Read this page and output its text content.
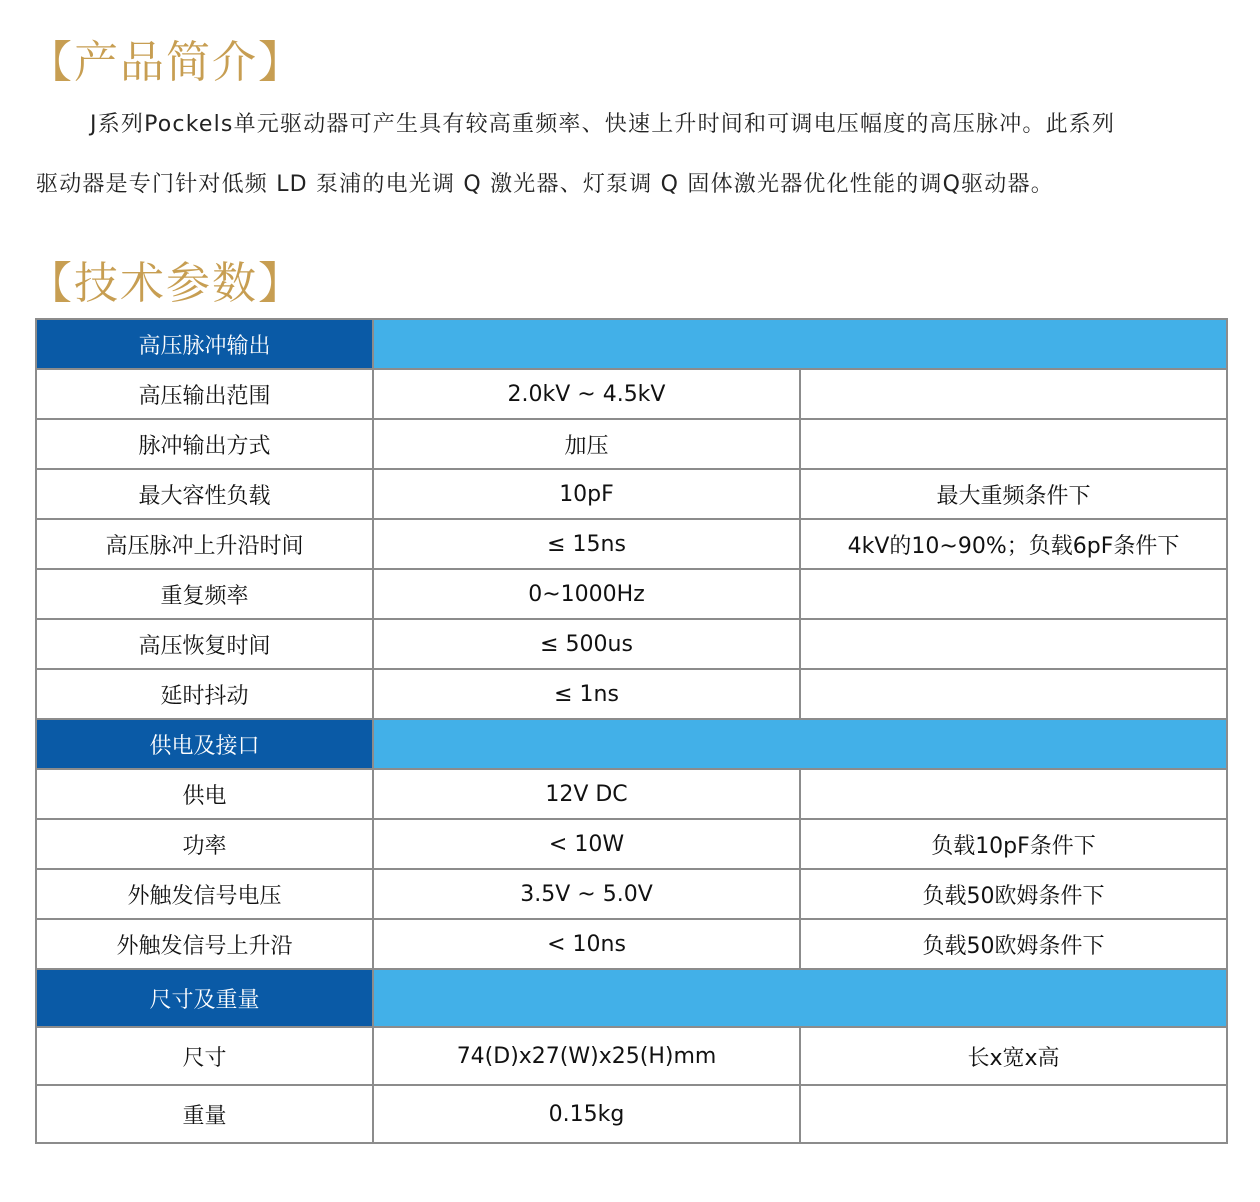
【产品简介】
J系列Pockels单元驱动器可产生具有较高重频率、快速上升时间和可调电压幅度的高压脉冲。此系列
驱动器是专门针对低频 LD 泵浦的电光调 Q 激光器、灯泵调 Q 固体激光器优化性能的调Q驱动器。
【技术参数】
高压脉冲输出		
高压输出范围	2.0kV ~ 4.5kV	
脉冲输出方式	加压	
最大容性负载	10pF	最大重频条件下
高压脉冲上升沿时间	≤ 15ns	4kV的10~90%；负载6pF条件下
重复频率	0~1000Hz	
高压恢复时间	≤ 500us	
延时抖动	≤ 1ns	
供电及接口		
供电	12V DC	
功率	< 10W	负载10pF条件下
外触发信号电压	3.5V ~ 5.0V	负载50欧姆条件下
外触发信号上升沿	< 10ns	负载50欧姆条件下
尺寸及重量		
尺寸	74(D)x27(W)x25(H)mm	长x宽x高
重量	0.15kg	
